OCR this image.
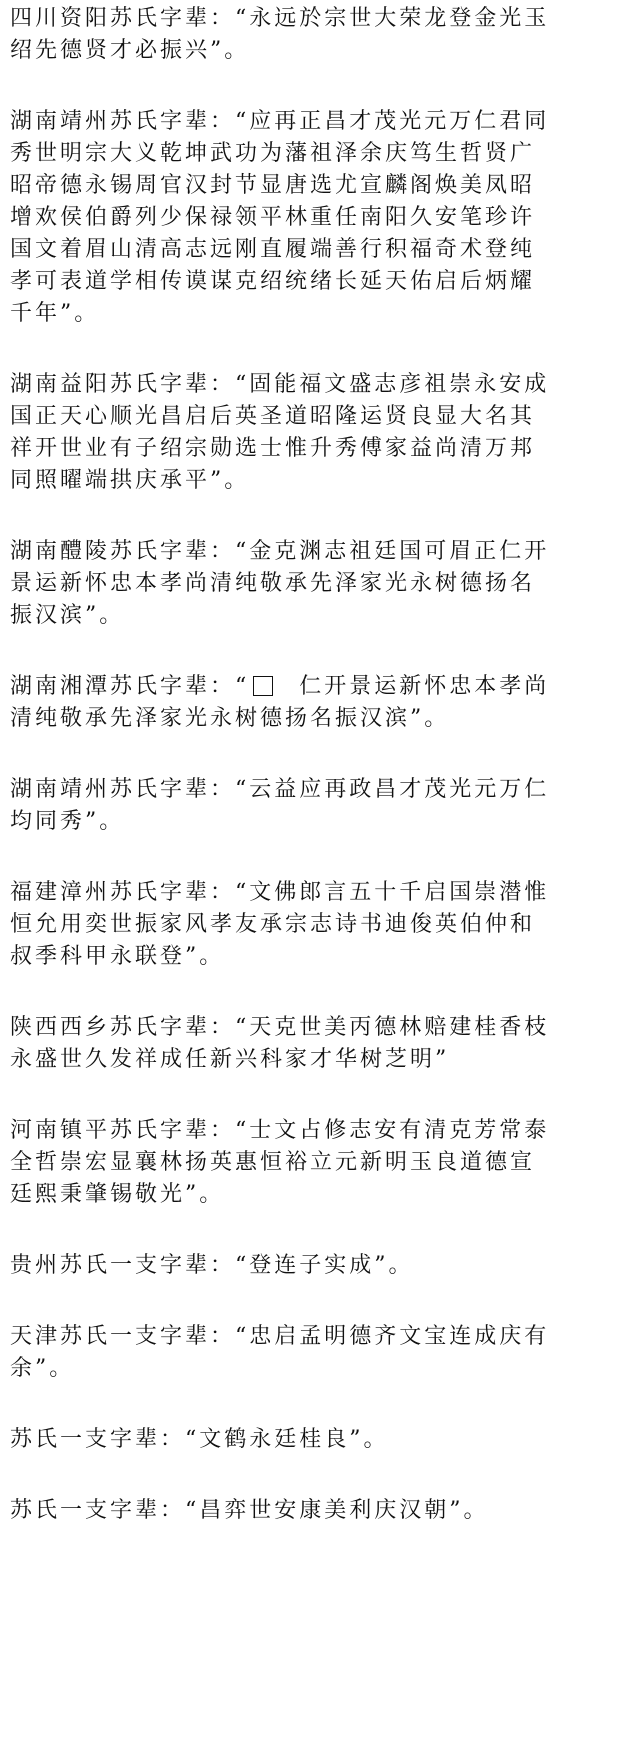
四川资阳苏氏字辈：“永远於宗世大荣龙登金光玉绍先德贤才必振兴”。

湖南靖州苏氏字辈：“应再正昌才茂光元万仁君同秀世明宗大义乾坤武功为藩祖泽余庆笃生哲贤广昭帝德永锡周官汉封节显唐选尤宣麟阁焕美凤昭增欢侯伯爵列少保禄领平林重任南阳久安笔珍许国文着眉山清高志远刚直履端善行积福奇术登纯孝可表道学相传谟谋克绍统绪长延天佑启后炳耀千年”。

湖南益阳苏氏字辈：“固能福文盛志彦祖崇永安成国正天心顺光昌启后英圣道昭隆运贤良显大名其祥开世业有子绍宗勋选士惟升秀傅家益尚清万邦同照曜端拱庆承平”。

湖南醴陵苏氏字辈：“金克渊志祖廷国可眉正仁开景运新怀忠本孝尚清纯敬承先泽家光永树德扬名振汉滨”。

湖南湘潭苏氏字辈：“ 仁开景运新怀忠本孝尚清纯敬承先泽家光永树德扬名振汉滨”。

湖南靖州苏氏字辈：“云益应再政昌才茂光元万仁均同秀”。

福建漳州苏氏字辈：“文佛郎言五十千启国崇潜惟恒允用奕世振家风孝友承宗志诗书迪俊英伯仲和叔季科甲永联登”。

陕西西乡苏氏字辈：“天克世美丙德林赔建桂香枝永盛世久发祥成任新兴科家才华树芝明”

河南镇平苏氏字辈：“士文占修志安有清克芳常泰全哲崇宏显襄林扬英惠恒裕立元新明玉良道德宣廷熙秉肇锡敬光”。

贵州苏氏一支字辈：“登连子实成”。

天津苏氏一支字辈：“忠启孟明德齐文宝连成庆有余”。

苏氏一支字辈：“文鹤永廷桂良”。

苏氏一支字辈：“昌弈世安康美利庆汉朝”。
